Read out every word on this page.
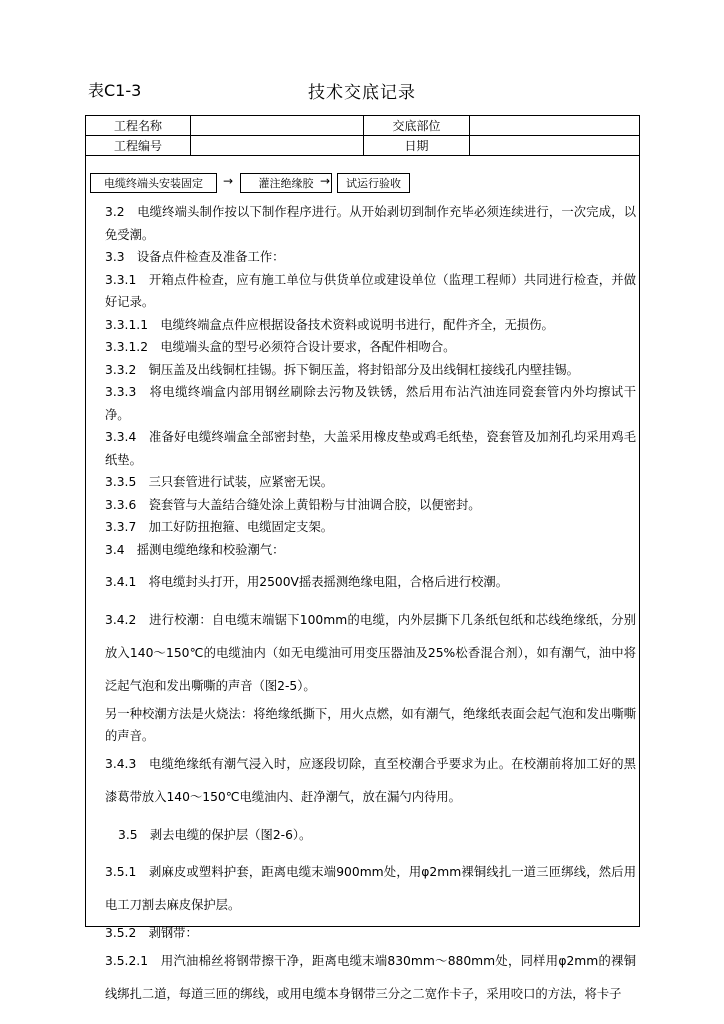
表C1-3	技术交底记录
工程名称		交底部位	
工程编号		日期	
电缆终端头安装固定	→	灌注绝缘胶 →	试运行验收

3.2　电缆终端头制作按以下制作程序进行。从开始剥切到制作充毕必须连续进行，一次完成，以免受潮。

3.3　设备点件检查及准备工作：

3.3.1　开箱点件检查，应有施工单位与供货单位或建设单位（监理工程师）共同进行检查，并做好记录。

3.3.1.1　电缆终端盒点件应根据设备技术资料或说明书进行，配件齐全，无损伤。

3.3.1.2　电缆端头盒的型号必须符合设计要求，各配件相吻合。

3.3.2　铜压盖及出线铜杠挂锡。拆下铜压盖，将封铅部分及出线铜杠接线孔内壁挂锡。

3.3.3　将电缆终端盒内部用钢丝刷除去污物及铁锈，然后用布沾汽油连同瓷套管内外均擦试干净。

3.3.4　准备好电缆终端盒全部密封垫，大盖采用橡皮垫或鸡毛纸垫，瓷套管及加剂孔均采用鸡毛纸垫。

3.3.5　三只套管进行试装，应紧密无误。

3.3.6　瓷套管与大盖结合缝处涂上黄铅粉与甘油调合胶，以便密封。

3.3.7　加工好防扭抱箍、电缆固定支架。

3.4　摇测电缆绝缘和校验潮气：

3.4.1　将电缆封头打开，用2500V摇表摇测绝缘电阻，合格后进行校潮。

3.4.2　进行校潮：自电缆末端锯下100mm的电缆，内外层撕下几条纸包纸和芯线绝缘纸，分别放入140～150℃的电缆油内（如无电缆油可用变压器油及25%松香混合剂），如有潮气，油中将泛起气泡和发出嘶嘶的声音（图2-5）。

另一种校潮方法是火烧法：将绝缘纸撕下，用火点燃，如有潮气，绝缘纸表面会起气泡和发出嘶嘶的声音。

3.4.3　电缆绝缘纸有潮气浸入时，应逐段切除，直至校潮合乎要求为止。在校潮前将加工好的黑漆葛带放入140～150℃电缆油内、赶净潮气，放在漏勺内待用。

3.5　剥去电缆的保护层（图2-6）。

3.5.1　剥麻皮或塑料护套，距离电缆末端900mm处，用φ2mm裸铜线扎一道三匝绑线，然后用电工刀割去麻皮保护层。

3.5.2　剥钢带：

3.5.2.1　用汽油棉丝将钢带擦干净，距离电缆末端830mm～880mm处，同样用φ2mm的裸铜线绑扎二道，每道三匝的绑线，或用电缆本身钢带三分之二宽作卡子，采用咬口的方法，将卡子
